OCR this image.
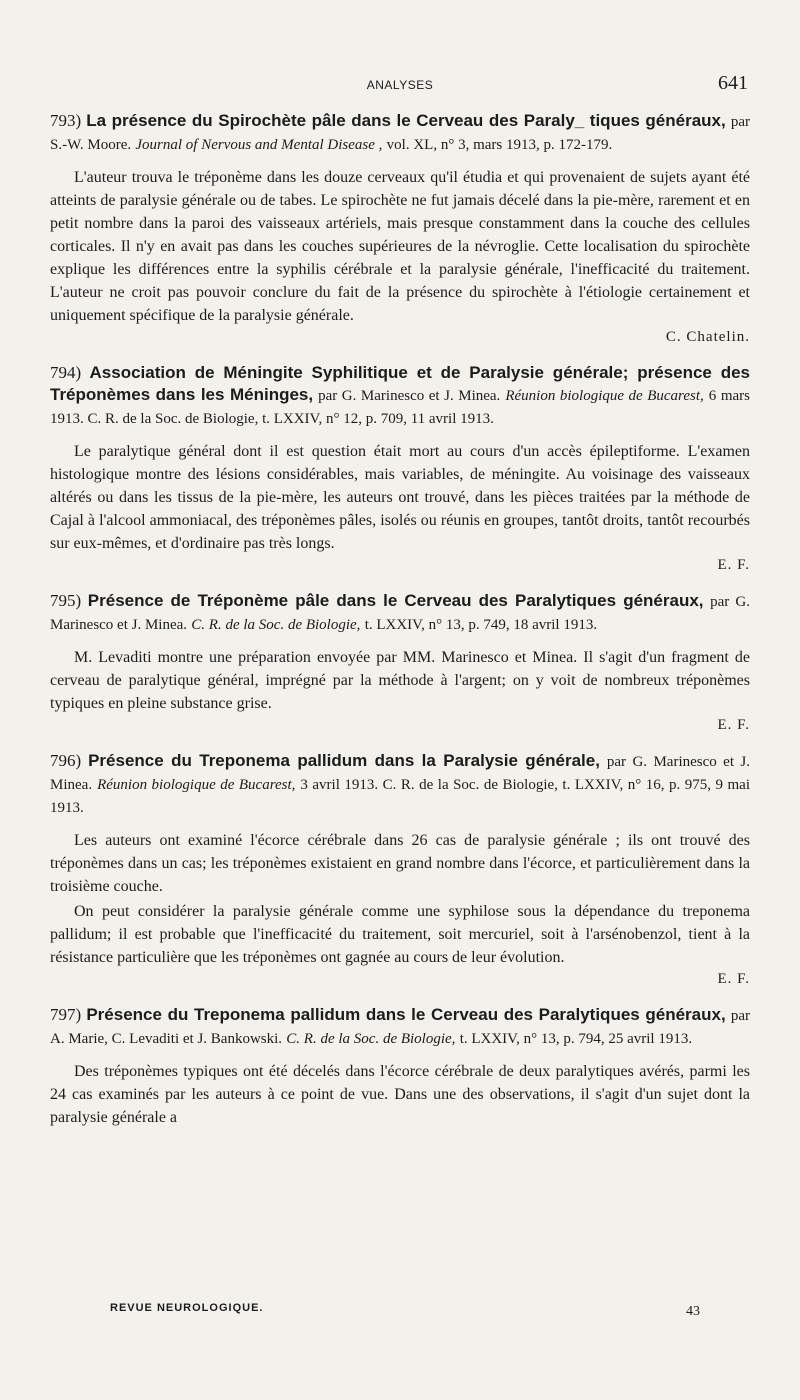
ANALYSES	641

793) La présence du Spirochète pâle dans le Cerveau des Paraly_ tiques généraux, par S.-W. Moore. Journal of Nervous and Mental Disease , vol. XL, n° 3, mars 1913, p. 172-179.

L'auteur trouva le tréponème dans les douze cerveaux qu'il étudia et qui provenaient de sujets ayant été atteints de paralysie générale ou de tabes. Le spirochète ne fut jamais décelé dans la pie-mère, rarement et en petit nombre dans la paroi des vaisseaux artériels, mais presque constamment dans la couche des cellules corticales. Il n'y en avait pas dans les couches supérieures de la névroglie. Cette localisation du spirochète explique les différences entre la syphilis cérébrale et la paralysie générale, l'inefficacité du traitement. L'auteur ne croit pas pouvoir conclure du fait de la présence du spirochète à l'étiologie certainement et uniquement spécifique de la paralysie générale.

C. Chatelin.

794) Association de Méningite Syphilitique et de Paralysie générale; présence des Tréponèmes dans les Méninges, par G. Marinesco et J. Minea. Réunion biologique de Bucarest, 6 mars 1913. C. R. de la Soc. de Biologie, t. LXXIV, n° 12, p. 709, 11 avril 1913.

Le paralytique général dont il est question était mort au cours d'un accès épileptiforme. L'examen histologique montre des lésions considérables, mais variables, de méningite. Au voisinage des vaisseaux altérés ou dans les tissus de la pie-mère, les auteurs ont trouvé, dans les pièces traitées par la méthode de Cajal à l'alcool ammoniacal, des tréponèmes pâles, isolés ou réunis en groupes, tantôt droits, tantôt recourbés sur eux-mêmes, et d'ordinaire pas très longs.

E. F.

795) Présence de Tréponème pâle dans le Cerveau des Paralytiques généraux, par G. Marinesco et J. Minea. C. R. de la Soc. de Biologie, t. LXXIV, n° 13, p. 749, 18 avril 1913.

M. Levaditi montre une préparation envoyée par MM. Marinesco et Minea. Il s'agit d'un fragment de cerveau de paralytique général, imprégné par la méthode à l'argent; on y voit de nombreux tréponèmes typiques en pleine substance grise.

E. F.

796) Présence du Treponema pallidum dans la Paralysie générale, par G. Marinesco et J. Minea. Réunion biologique de Bucarest, 3 avril 1913. C. R. de la Soc. de Biologie, t. LXXIV, n° 16, p. 975, 9 mai 1913.

Les auteurs ont examiné l'écorce cérébrale dans 26 cas de paralysie générale ; ils ont trouvé des tréponèmes dans un cas; les tréponèmes existaient en grand nombre dans l'écorce, et particulièrement dans la troisième couche.

On peut considérer la paralysie générale comme une syphilose sous la dépendance du treponema pallidum; il est probable que l'inefficacité du traitement, soit mercuriel, soit à l'arsénobenzol, tient à la résistance particulière que les tréponèmes ont gagnée au cours de leur évolution.

E. F.

797) Présence du Treponema pallidum dans le Cerveau des Paralytiques généraux, par A. Marie, C. Levaditi et J. Bankowski. C. R. de la Soc. de Biologie, t. LXXIV, n° 13, p. 794, 25 avril 1913.

Des tréponèmes typiques ont été décelés dans l'écorce cérébrale de deux paralytiques avérés, parmi les 24 cas examinés par les auteurs à ce point de vue. Dans une des observations, il s'agit d'un sujet dont la paralysie générale a

REVUE NEUROLOGIQUE.	43
